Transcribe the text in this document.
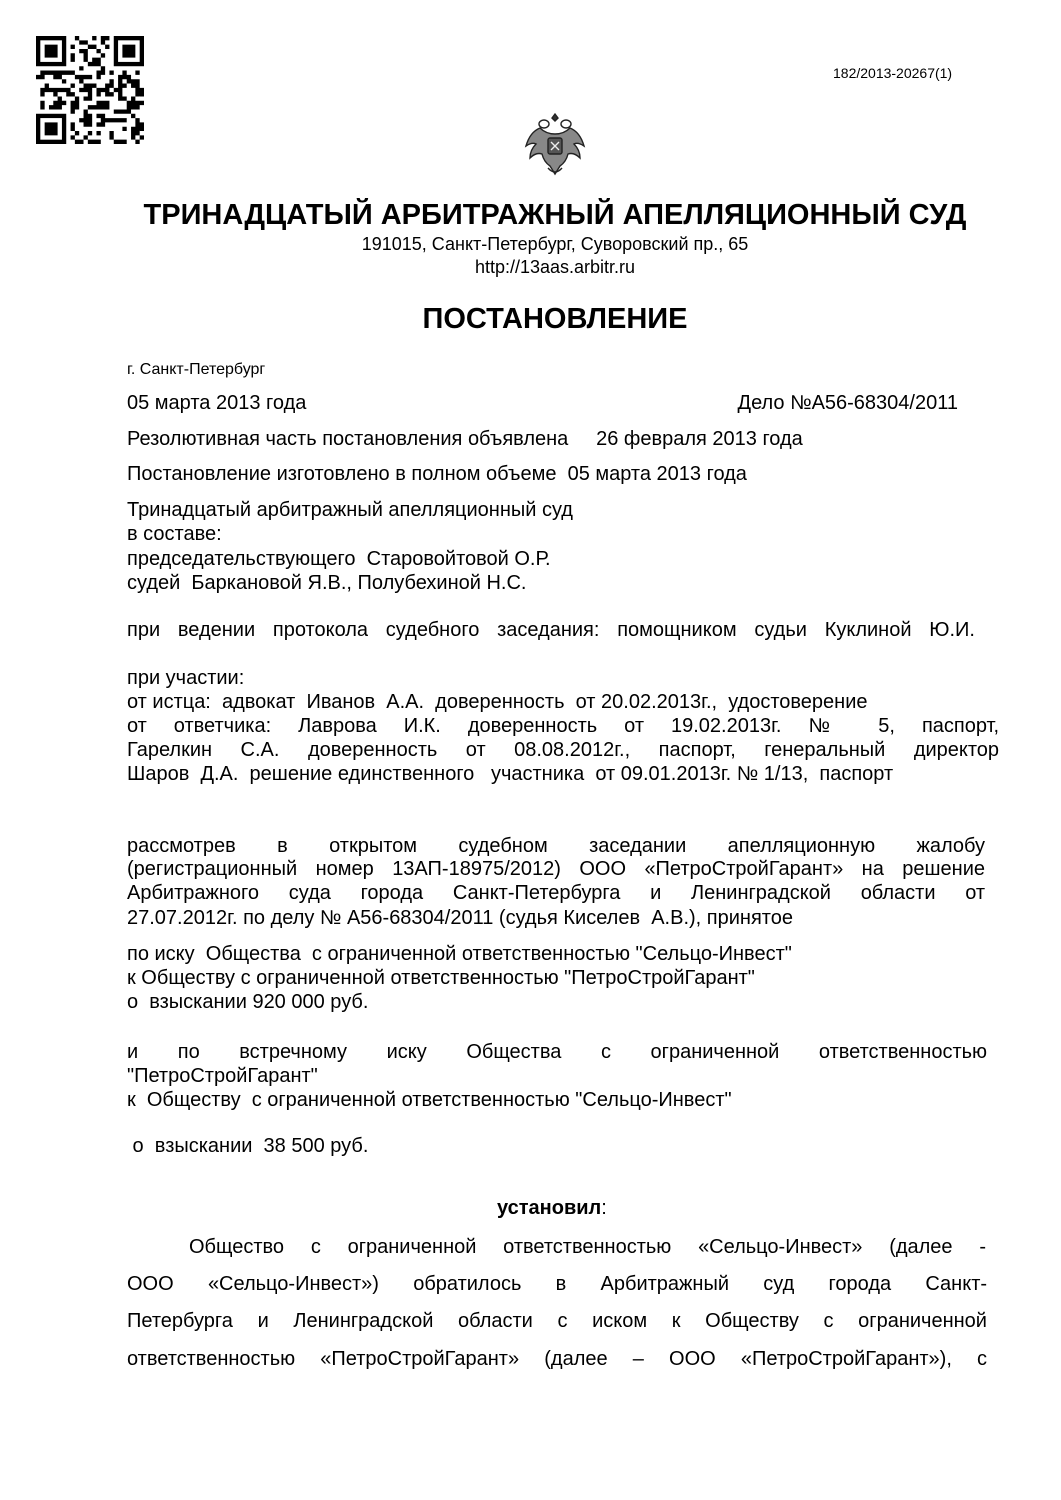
182/2013-20267(1)
ТРИНАДЦАТЫЙ АРБИТРАЖНЫЙ АПЕЛЛЯЦИОННЫЙ СУД
191015, Санкт-Петербург, Суворовский пр., 65
http://13aas.arbitr.ru
ПОСТАНОВЛЕНИЕ
г. Санкт-Петербург
05 марта 2013 года	Дело №А56-68304/2011
Резолютивная часть постановления объявлена     26 февраля 2013 года
Постановление изготовлено в полном объеме  05 марта 2013 года
Тринадцатый арбитражный апелляционный суд
в составе:
председательствующего  Старовойтовой О.Р.
судей  Баркановой Я.В., Полубехиной Н.С.
при ведении протокола судебного заседания: помощником судьи Куклиной Ю.И.
при участии:
от истца:  адвокат  Иванов  А.А.  доверенность  от 20.02.2013г.,  удостоверение
от ответчика: Лаврова И.К. доверенность от 19.02.2013г. № 5, паспорт,
Гарелкин С.А. доверенность от 08.08.2012г., паспорт, генеральный директор
Шаров  Д.А.  решение единственного   участника  от 09.01.2013г. № 1/13,  паспорт
рассмотрев в открытом судебном заседании апелляционную жалобу
(регистрационный номер 13АП-18975/2012) ООО «ПетроСтройГарант» на решение
Арбитражного суда города Санкт-Петербурга и Ленинградской области от
27.07.2012г. по делу № А56-68304/2011 (судья Киселев  А.В.), принятое
по иску  Общества  с ограниченной ответственностью "Сельцо-Инвест"
к Обществу с ограниченной ответственностью "ПетроСтройГарант"
о  взыскании 920 000 руб.
и по встречному иску Общества с ограниченной ответственностью
"ПетроСтройГарант"
к  Обществу  с ограниченной ответственностью "Сельцо-Инвест"
о  взыскании  38 500 руб.
установил:
Общество с ограниченной ответственностью «Сельцо-Инвест» (далее -
ООО «Сельцо-Инвест») обратилось в Арбитражный суд города Санкт-
Петербурга и Ленинградской области с иском к Обществу с ограниченной
ответственностью «ПетроСтройГарант» (далее – ООО «ПетроСтройГарант»), с
